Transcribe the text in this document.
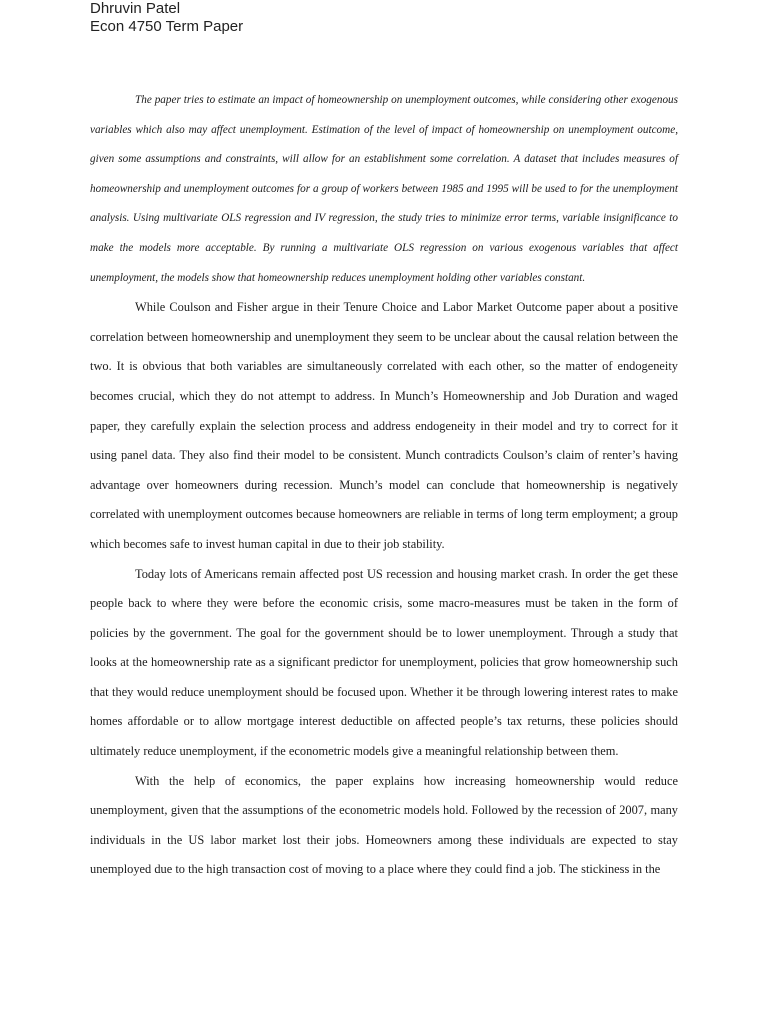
Dhruvin Patel
Econ 4750 Term Paper

The paper tries to estimate an impact of homeownership on unemployment outcomes, while considering other exogenous variables which also may affect unemployment. Estimation of the level of impact of homeownership on unemployment outcome, given some assumptions and constraints, will allow for an establishment some correlation. A dataset that includes measures of homeownership and unemployment outcomes for a group of workers between 1985 and 1995 will be used to for the unemployment analysis. Using multivariate OLS regression and IV regression, the study tries to minimize error terms, variable insignificance to make the models more acceptable. By running a multivariate OLS regression on various exogenous variables that affect unemployment, the models show that homeownership reduces unemployment holding other variables constant.

While Coulson and Fisher argue in their Tenure Choice and Labor Market Outcome paper about a positive correlation between homeownership and unemployment they seem to be unclear about the causal relation between the two. It is obvious that both variables are simultaneously correlated with each other, so the matter of endogeneity becomes crucial, which they do not attempt to address. In Munch’s Homeownership and Job Duration and waged paper, they carefully explain the selection process and address endogeneity in their model and try to correct for it using panel data. They also find their model to be consistent. Munch contradicts Coulson’s claim of renter’s having advantage over homeowners during recession. Munch’s model can conclude that homeownership is negatively correlated with unemployment outcomes because homeowners are reliable in terms of long term employment; a group which becomes safe to invest human capital in due to their job stability.

Today lots of Americans remain affected post US recession and housing market crash. In order the get these people back to where they were before the economic crisis, some macro-measures must be taken in the form of policies by the government. The goal for the government should be to lower unemployment. Through a study that looks at the homeownership rate as a significant predictor for unemployment, policies that grow homeownership such that they would reduce unemployment should be focused upon. Whether it be through lowering interest rates to make homes affordable or to allow mortgage interest deductible on affected people’s tax returns, these policies should ultimately reduce unemployment, if the econometric models give a meaningful relationship between them.

With the help of economics, the paper explains how increasing homeownership would reduce unemployment, given that the assumptions of the econometric models hold. Followed by the recession of 2007, many individuals in the US labor market lost their jobs. Homeowners among these individuals are expected to stay unemployed due to the high transaction cost of moving to a place where they could find a job. The stickiness in the
